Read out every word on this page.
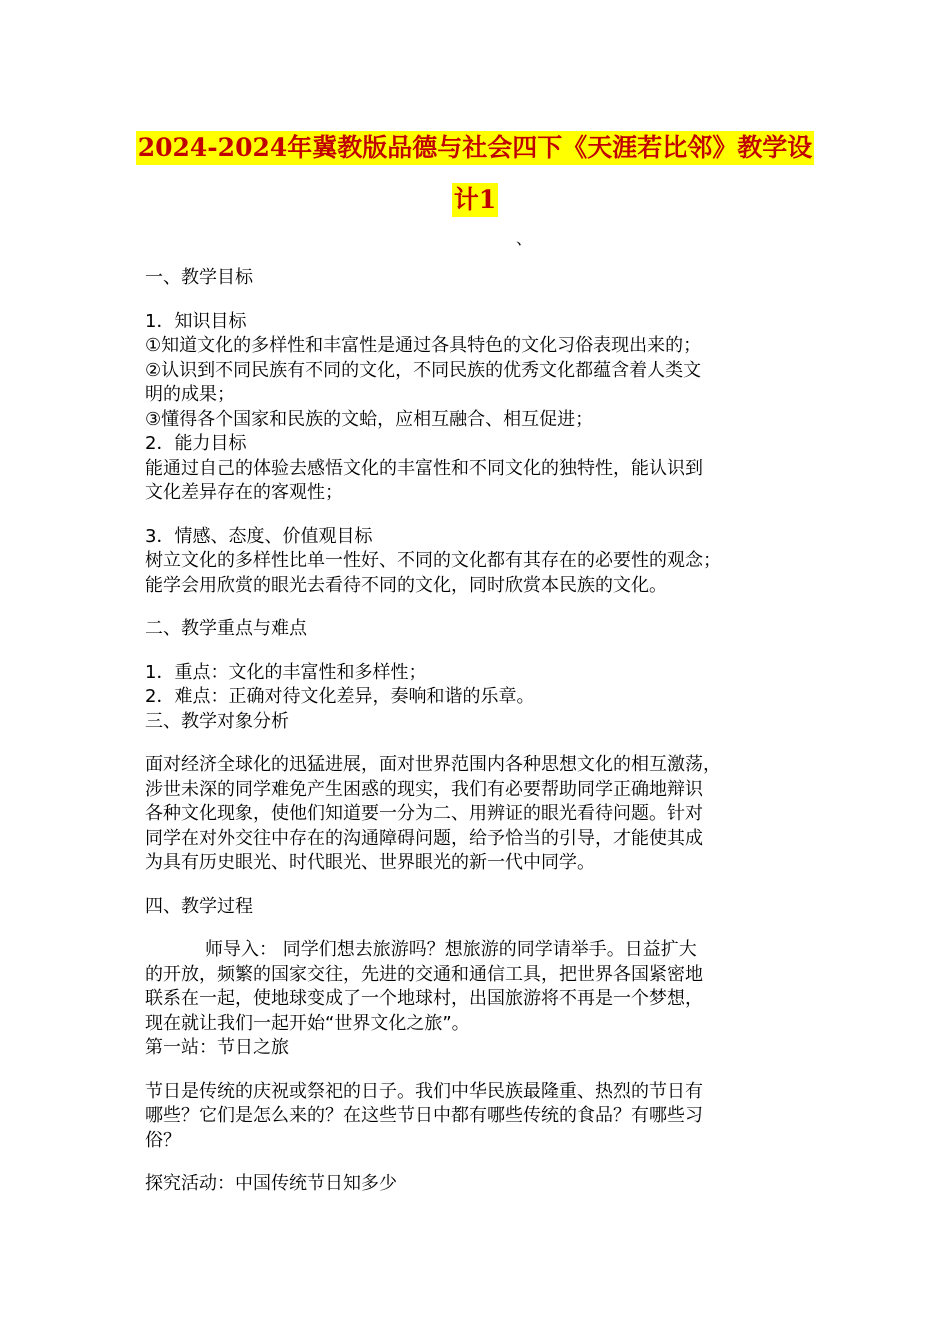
2024-2024年冀教版品德与社会四下《天涯若比邻》教学设
计1
、
一、教学目标
1．知识目标
①知道文化的多样性和丰富性是通过各具特色的文化习俗表现出来的；
②认识到不同民族有不同的文化，不同民族的优秀文化都蕴含着人类文
明的成果；
③懂得各个国家和民族的文蛤，应相互融合、相互促进；
2．能力目标
能通过自己的体验去感悟文化的丰富性和不同文化的独特性，能认识到
文化差异存在的客观性；
3．情感、态度、价值观目标
树立文化的多样性比单一性好、不同的文化都有其存在的必要性的观念；
能学会用欣赏的眼光去看待不同的文化，同时欣赏本民族的文化。
二、教学重点与难点
1．重点：文化的丰富性和多样性；
2．难点：正确对待文化差异，奏响和谐的乐章。
三、教学对象分析
面对经济全球化的迅猛进展，面对世界范围内各种思想文化的相互激荡，
涉世未深的同学难免产生困惑的现实，我们有必要帮助同学正确地辩识
各种文化现象，使他们知道要一分为二、用辨证的眼光看待问题。针对
同学在对外交往中存在的沟通障碍问题，给予恰当的引导，才能使其成
为具有历史眼光、时代眼光、世界眼光的新一代中同学。
四、教学过程
师导入： 同学们想去旅游吗？想旅游的同学请举手。日益扩大
的开放，频繁的国家交往，先进的交通和通信工具，把世界各国紧密地
联系在一起，使地球变成了一个地球村，出国旅游将不再是一个梦想，
现在就让我们一起开始“世界文化之旅”。
第一站：节日之旅
节日是传统的庆祝或祭祀的日子。我们中华民族最隆重、热烈的节日有
哪些？它们是怎么来的？在这些节日中都有哪些传统的食品？有哪些习
俗？
探究活动：中国传统节日知多少
